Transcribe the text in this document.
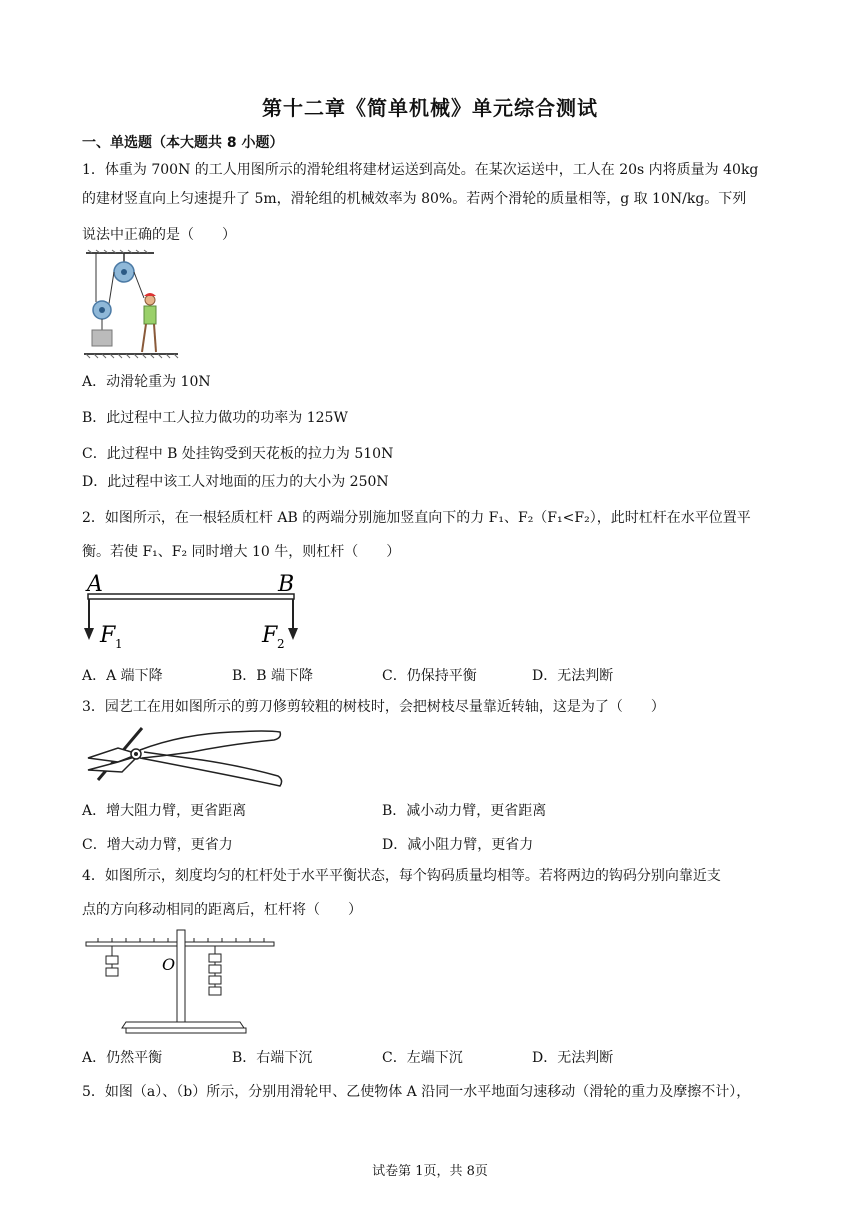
第十二章《简单机械》单元综合测试
一、单选题（本大题共 8 小题）
1．体重为 700N 的工人用图所示的滑轮组将建材运送到高处。在某次运送中，工人在 20s 内将质量为 40kg
的建材竖直向上匀速提升了 5m，滑轮组的机械效率为 80%。若两个滑轮的质量相等，g 取 10N/kg。下列
说法中正确的是（　　）
A．动滑轮重为 10N
B．此过程中工人拉力做功的功率为 125W
C．此过程中 B 处挂钩受到天花板的拉力为 510N
D．此过程中该工人对地面的压力的大小为 250N
2．如图所示，在一根轻质杠杆 AB 的两端分别施加竖直向下的力 F₁、F₂（F₁<F₂），此时杠杆在水平位置平
衡。若使 F₁、F₂ 同时增大 10 牛，则杠杆（　　）
A	B
F 1	F 2
A．A 端下降	B．B 端下降	C．仍保持平衡	D．无法判断
3．园艺工在用如图所示的剪刀修剪较粗的树枝时，会把树枝尽量靠近转轴，这是为了（　　）
A．增大阻力臂，更省距离	B．减小动力臂，更省距离
C．增大动力臂，更省力	D．减小阻力臂，更省力
4．如图所示，刻度均匀的杠杆处于水平平衡状态，每个钩码质量均相等。若将两边的钩码分别向靠近支
点的方向移动相同的距离后，杠杆将（　　）
O
A．仍然平衡	B．右端下沉	C．左端下沉	D．无法判断
5．如图（a）、（b）所示，分别用滑轮甲、乙使物体 A 沿同一水平地面匀速移动（滑轮的重力及摩擦不计），
试卷第 1页，共 8页
